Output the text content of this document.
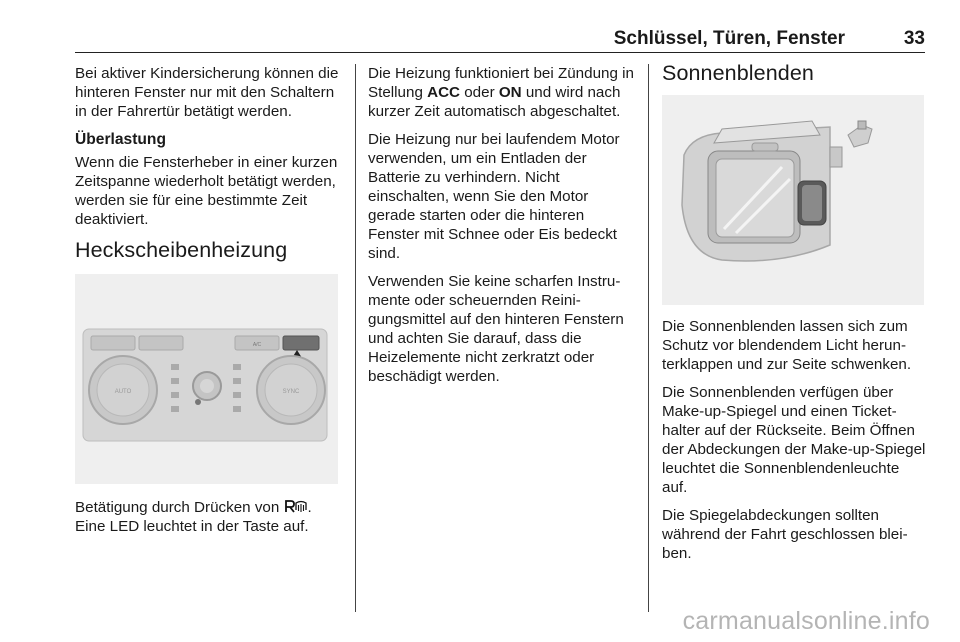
Schlüssel, Türen, Fenster	33

Bei aktiver Kindersicherung können die hinteren Fenster nur mit den Schaltern in der Fahrertür betätigt werden.

Überlastung

Wenn die Fensterheber in einer kurzen Zeitspanne wiederholt betätigt werden, werden sie für eine bestimmte Zeit deaktiviert.

Heckscheibenheizung
A/C
AUTO	SYNC

Betätigung durch Drücken von .
Eine LED leuchtet in der Taste auf.

Die Heizung funktioniert bei Zündung in Stellung ACC oder ON und wird nach kurzer Zeit automatisch abgeschaltet.

Die Heizung nur bei laufendem Motor verwenden, um ein Entladen der Batterie zu verhindern. Nicht einschalten, wenn Sie den Motor gerade starten oder die hinteren Fenster mit Schnee oder Eis bedeckt sind.

Verwenden Sie keine scharfen Instrumente oder scheuernden Reinigungsmittel auf den hinteren Fenstern und achten Sie darauf, dass die Heizelemente nicht zerkratzt oder beschädigt werden.

Sonnenblenden

Die Sonnenblenden lassen sich zum Schutz vor blendendem Licht herunterklappen und zur Seite schwenken.

Die Sonnenblenden verfügen über Make-up-Spiegel und einen Tickethalter auf der Rückseite. Beim Öffnen der Abdeckungen der Make-up-Spiegel leuchtet die Sonnenblendenleuchte auf.

Die Spiegelabdeckungen sollten während der Fahrt geschlossen bleiben.

carmanualsonline.info
